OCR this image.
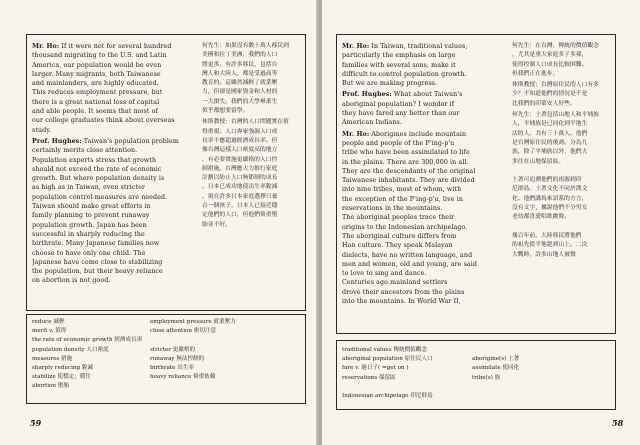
Mr. Ho: If it were not for several hundred
thousand migrating to the U.S. and Latin
America, our population would be even
larger. Many migrants, both Taiwanese
and mainlanders, are highly educated.
This reduces employment pressure, but
there is a great national loss of capital
and able people. It seems that most of
our college graduates think about overseas
study.
Prof. Hughes: Taiwan's population problem
certainly merits close attention.
Population experts stress that growth
should not exceed the rate of economic
growth. But where population density is
as high as in Taiwan, even stricter
population control measures are needed.
Taiwan should make great efforts in
family planning to prevent runaway
population growth. Japan has been
successful in sharply reducing the
birthrate. Many Japanese families now
choose to have only one child. The
Japanese have come close to stabilizing
the population, but their heavy reliance
on abortion is not good.
何先生：如果沒有數十萬人移民到
美國和拉丁美洲，我們的人口
將更多。有許多移民，包括台
灣人和大陸人，都是受過高等
教育的。這雖然減輕了就業壓
力，但卻是國家資金和人材的
一大損失。我們的大學畢業生
似乎都想要留學。
休斯教授：台灣的人口問題實在值
得重視。人口專家強調人口成
長率不應超過經濟成長率。但
像台灣這樣人口密度高的地方
，有必要實施更嚴格的人口控
制措施。台灣應大力推行家庭
計劃以防止人口無節制的成長
。日本已成功地使出生率銳減
。現在許多日本家庭選擇只養
育一個孩子。日本人已接近穩
定他們的人口，但他們倚重墮
胎並不好。
reduce 減輕
merit v. 值得
the rate of economic growth 經濟成長率
population density 人口密度
measures 措施
sharply reducing 銳減
stabilize 使穩定；穩住
abortion 墮胎
employment pressure 就業壓力
close attention 密切注意

stricter 更嚴格的
runaway 無法控制的
birthrate 出生率
heavy reliance 倚重依賴

59
Mr. Ho: In Taiwan, traditional values,
particularly the emphasis on large
families with several sons, make it
difficult to control population growth.
But we are making progress.
Prof. Hughes: What about Taiwan's
aboriginal population? I wonder if
they have fared any better than our
American Indians.
Mr. Ho: Aborigines include mountain
people and people of the P'ing-p'u
tribe who have been assimilated to life
in the plains. There are 300,000 in all.
They are the descendants of the original
Taiwanese inhabitants. They are divided
into nine tribes, most of whom, with
the exception of the P'ing-p'u, live in
reservations in the mountains.
The aboriginal peoples trace their
origins to the Indonesian archipelago.
The aboriginal culture differs from
Han culture. They speak Malayan
dialects, have no written language, and
men and women, old and young, are said
to love to sing and dance.
Centuries ago mainland settlers
drove their ancestors from the plains
into the mountains. In World War II,
何先生：在台灣，傳統的價值觀念
，尤其是重大家庭多子多孫，
使得控制人口成長比較困難。
但我們正在進步。
休斯教授：台灣原住民的人口有多
少？不知道他們的情況是不是
比我們的印第安人好些。
何先生：土著包括山地人和平埔族
人，平埔族是已同化到平地生
活的人。共有三十萬人。他們
是台灣原住民的後裔。分為九
族，除了平埔族以外，他們大
多住在山地保留區。

土著可追溯他們的祖源到印
尼群島。土著文化不同於漢文
化。他們講馬來語系的方言，
沒有文字，據說他們不分男女
老幼都喜愛唱歌跳舞。

幾百年前，大陸移民將他們
的祖先從平地趕到山上。二次
大戰時，許多山地人被徵
traditional values 傳統價值觀念
aboriginal population 原住民人口
fare v. 過日子( =get on )
reservations 保留區

Indonesian archipelago 印尼群島

aborigine(s) 土著
assimilate 使同化
tribe(s) 族

58
